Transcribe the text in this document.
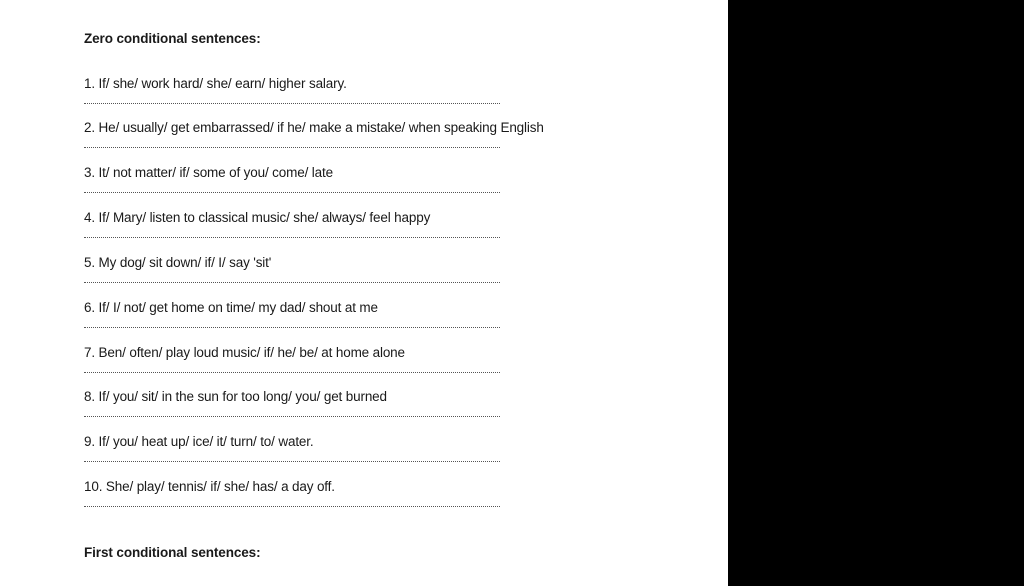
Zero conditional sentences:
1. If/ she/ work hard/ she/ earn/ higher salary.
2. He/ usually/ get embarrassed/ if he/ make a mistake/ when speaking English
3. It/ not matter/ if/ some of you/ come/ late
4. If/ Mary/ listen to classical music/ she/ always/ feel happy
5. My dog/ sit down/ if/ I/ say 'sit'
6. If/ I/ not/ get home on time/ my dad/ shout at me
7. Ben/ often/ play loud music/ if/ he/ be/ at home alone
8. If/ you/ sit/ in the sun for too long/ you/ get burned
9. If/ you/ heat up/ ice/ it/ turn/ to/ water.
10. She/ play/ tennis/ if/ she/ has/ a day off.
First conditional sentences:
